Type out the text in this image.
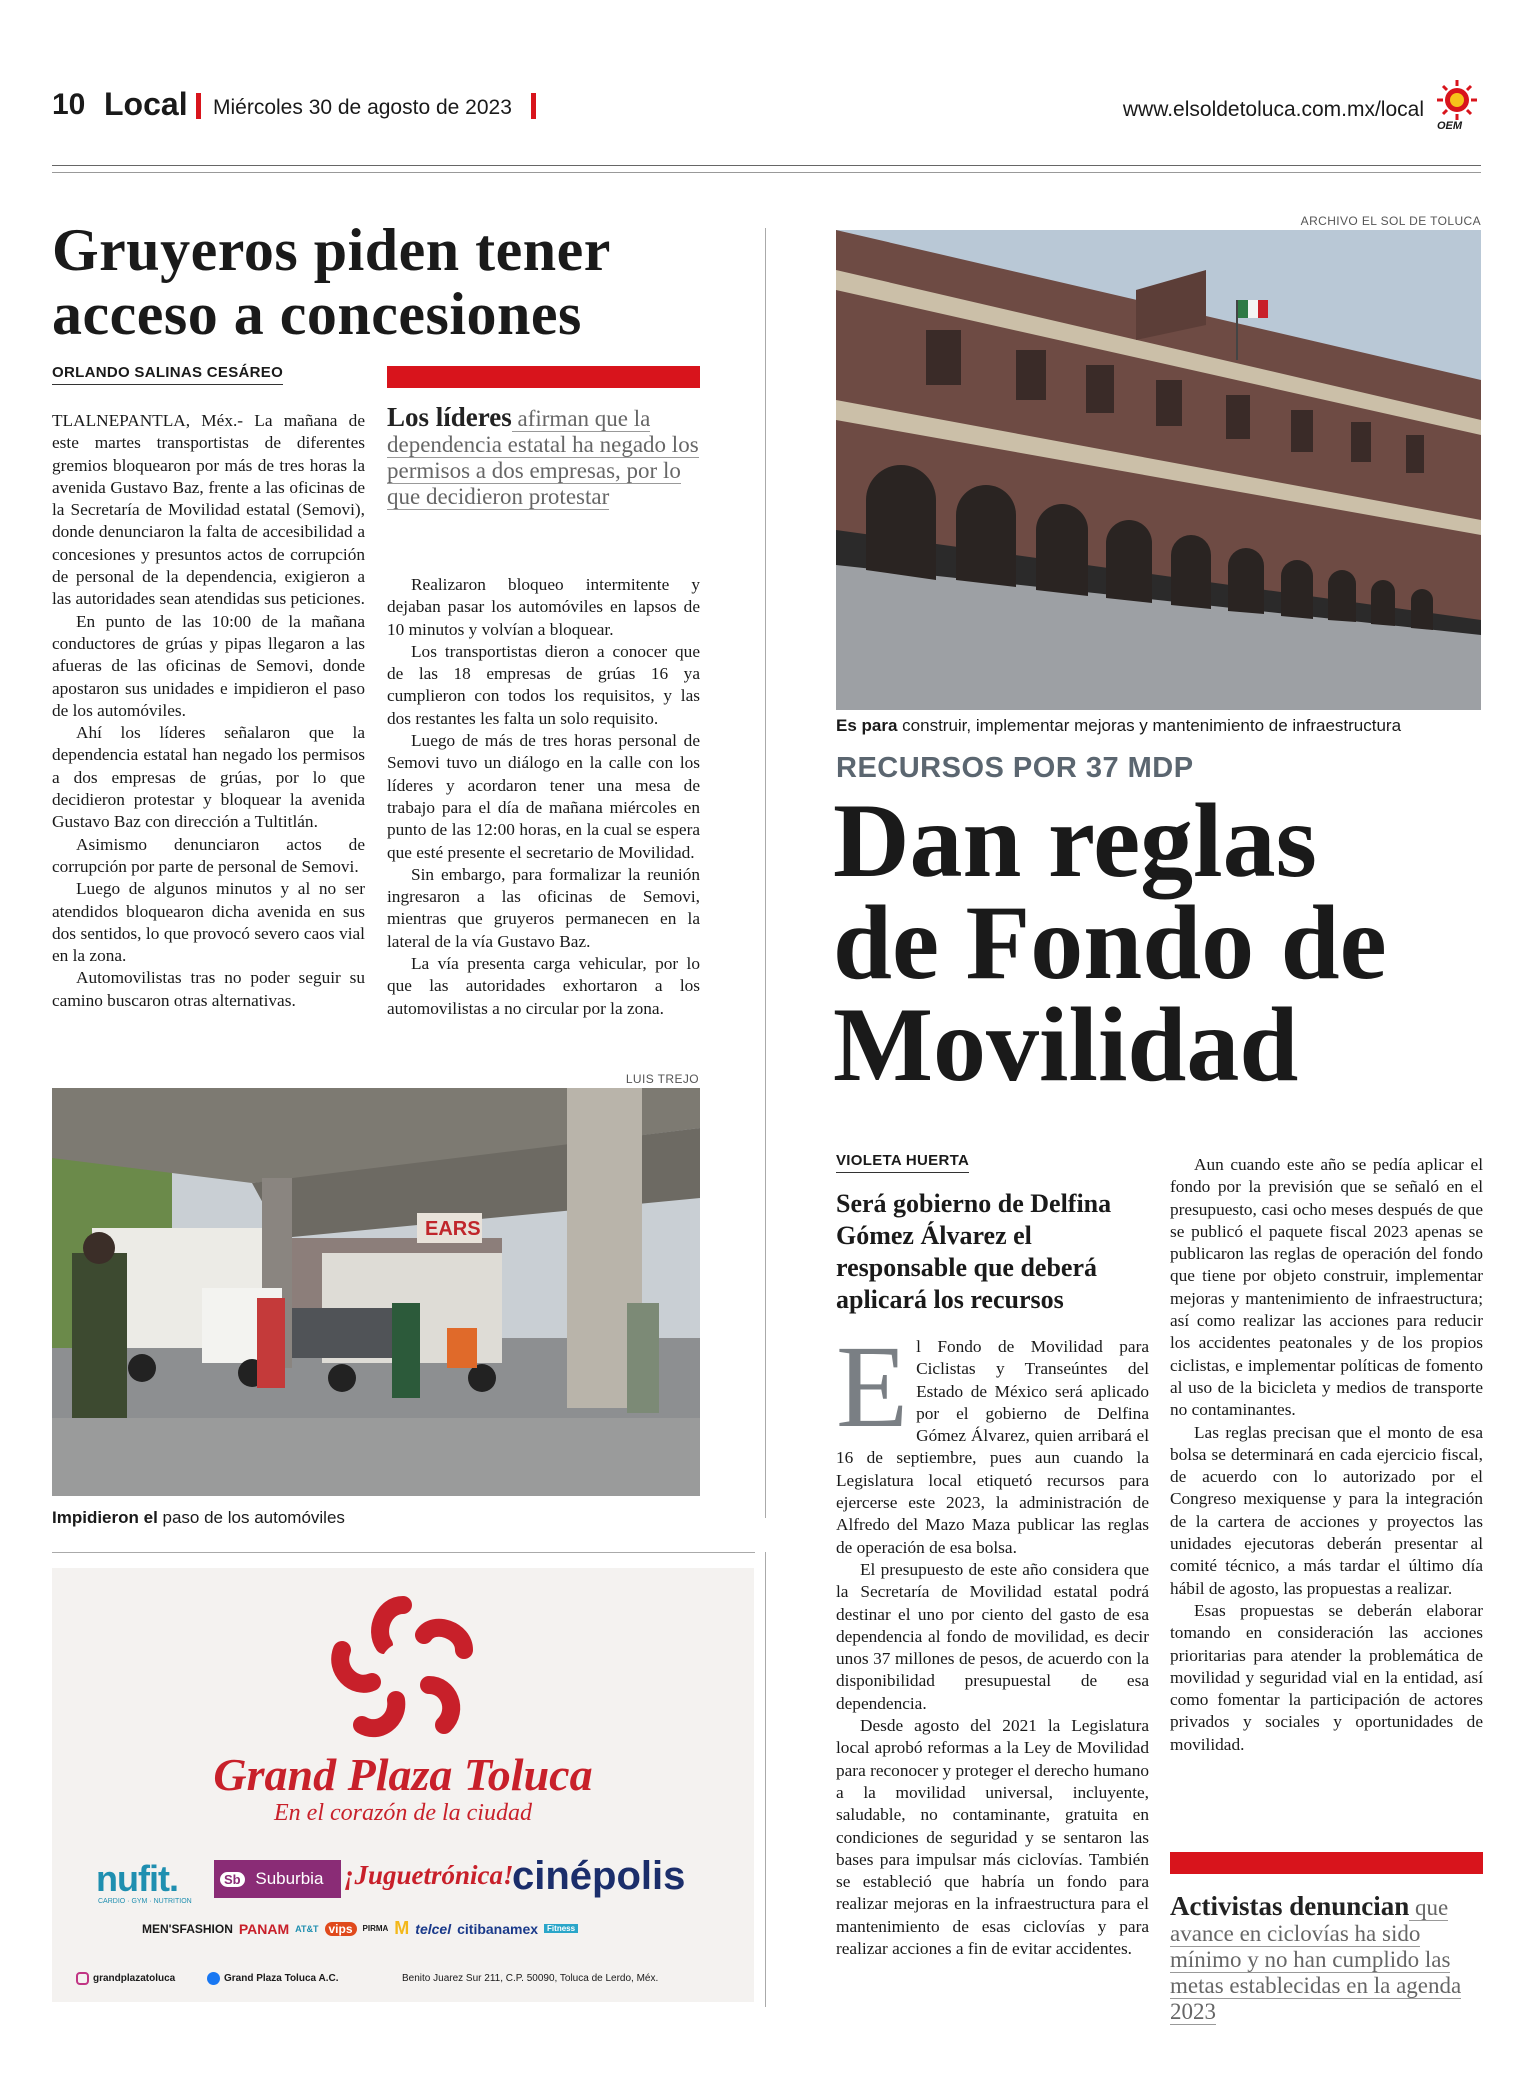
10 Local Miércoles 30 de agosto de 2023	www.elsoldetoluca.com.mx/local
OEM
Gruyeros piden tener
acceso a concesiones
ORLANDO SALINAS CESÁREO
Los líderes afirman que la dependencia estatal ha negado los permisos a dos empresas, por lo que decidieron protestar

TLALNEPANTLA, Méx.- La mañana de este martes transportistas de diferentes gremios bloquearon por más de tres horas la avenida Gustavo Baz, frente a las oficinas de la Secretaría de Movilidad estatal (Semovi), donde denunciaron la falta de accesibilidad a concesiones y presuntos actos de corrupción de personal de la dependencia, exigieron a las autoridades sean atendidas sus peticiones.

En punto de las 10:00 de la mañana conductores de grúas y pipas llegaron a las afueras de las oficinas de Semovi, donde apostaron sus unidades e impidieron el paso de los automóviles.

Ahí los líderes señalaron que la dependencia estatal han negado los permisos a dos empresas de grúas, por lo que decidieron protestar y bloquear la avenida Gustavo Baz con dirección a Tultitlán.

Asimismo denunciaron actos de corrupción por parte de personal de Semovi.

Luego de algunos minutos y al no ser atendidos bloquearon dicha avenida en sus dos sentidos, lo que provocó severo caos vial en la zona.

Automovilistas tras no poder seguir su camino buscaron otras alternativas.

Realizaron bloqueo intermitente y dejaban pasar los automóviles en lapsos de 10 minutos y volvían a bloquear.

Los transportistas dieron a conocer que de las 18 empresas de grúas 16 ya cumplieron con todos los requisitos, y las dos restantes les falta un solo requisito.

Luego de más de tres horas personal de Semovi tuvo un diálogo en la calle con los líderes y acordaron tener una mesa de trabajo para el día de mañana miércoles en punto de las 12:00 horas, en la cual se espera que esté presente el secretario de Movilidad.

Sin embargo, para formalizar la reunión ingresaron a las oficinas de Semovi, mientras que gruyeros permanecen en la lateral de la vía Gustavo Baz.

La vía presenta carga vehicular, por lo que las autoridades exhortaron a los automovilistas a no circular por la zona.

LUIS TREJO
EARS
Impidieron el paso de los automóviles
Grand Plaza Toluca
En el corazón de la ciudad
nufit.
CARDIO · GYM · NUTRITION
Sb Suburbia ¡Juguetrónica!
cinépolis
MEN'SFASHION PANAM AT&T vips	PIRMA M telcel citibanamex	Fitness
grandplazatoluca	Grand Plaza Toluca A.C.	Benito Juarez Sur 211, C.P. 50090, Toluca de Lerdo, Méx.
ARCHIVO EL SOL DE TOLUCA
Es para construir, implementar mejoras y mantenimiento de infraestructura
RECURSOS POR 37 MDP
Dan reglas
de Fondo de
Movilidad
VIOLETA HUERTA
Será gobierno de Delfina Gómez Álvarez el responsable que deberá aplicará los recursos

El Fondo de Movilidad para Ciclistas y Transeúntes del Estado de México será aplicado por el gobierno de Delfina Gómez Álvarez, quien arribará el 16 de septiembre, pues aun cuando la Legislatura local etiquetó recursos para ejercerse este 2023, la administración de Alfredo del Mazo Maza publicar las reglas de operación de esa bolsa.

El presupuesto de este año considera que la Secretaría de Movilidad estatal podrá destinar el uno por ciento del gasto de esa dependencia al fondo de movilidad, es decir unos 37 millones de pesos, de acuerdo con la disponibilidad presupuestal de esa dependencia.

Desde agosto del 2021 la Legislatura local aprobó reformas a la Ley de Movilidad para reconocer y proteger el derecho humano a la movilidad universal, incluyente, saludable, no contaminante, gratuita en condiciones de seguridad y se sentaron las bases para impulsar más ciclovías. También se estableció que habría un fondo para realizar mejoras en la infraestructura para el mantenimiento de esas ciclovías y para realizar acciones a fin de evitar accidentes.

Aun cuando este año se pedía aplicar el fondo por la previsión que se señaló en el presupuesto, casi ocho meses después de que se publicó el paquete fiscal 2023 apenas se publicaron las reglas de operación del fondo que tiene por objeto construir, implementar mejoras y mantenimiento de infraestructura; así como realizar las acciones para reducir los accidentes peatonales y de los propios ciclistas, e implementar políticas de fomento al uso de la bicicleta y medios de transporte no contaminantes.

Las reglas precisan que el monto de esa bolsa se determinará en cada ejercicio fiscal, de acuerdo con lo autorizado por el Congreso mexiquense y para la integración de la cartera de acciones y proyectos las unidades ejecutoras deberán presentar al comité técnico, a más tardar el último día hábil de agosto, las propuestas a realizar.

Esas propuestas se deberán elaborar tomando en consideración las acciones prioritarias para atender la problemática de movilidad y seguridad vial en la entidad, así como fomentar la participación de actores privados y sociales y oportunidades de movilidad.

Activistas denuncian que avance en ciclovías ha sido mínimo y no han cumplido las metas establecidas en la agenda 2023
